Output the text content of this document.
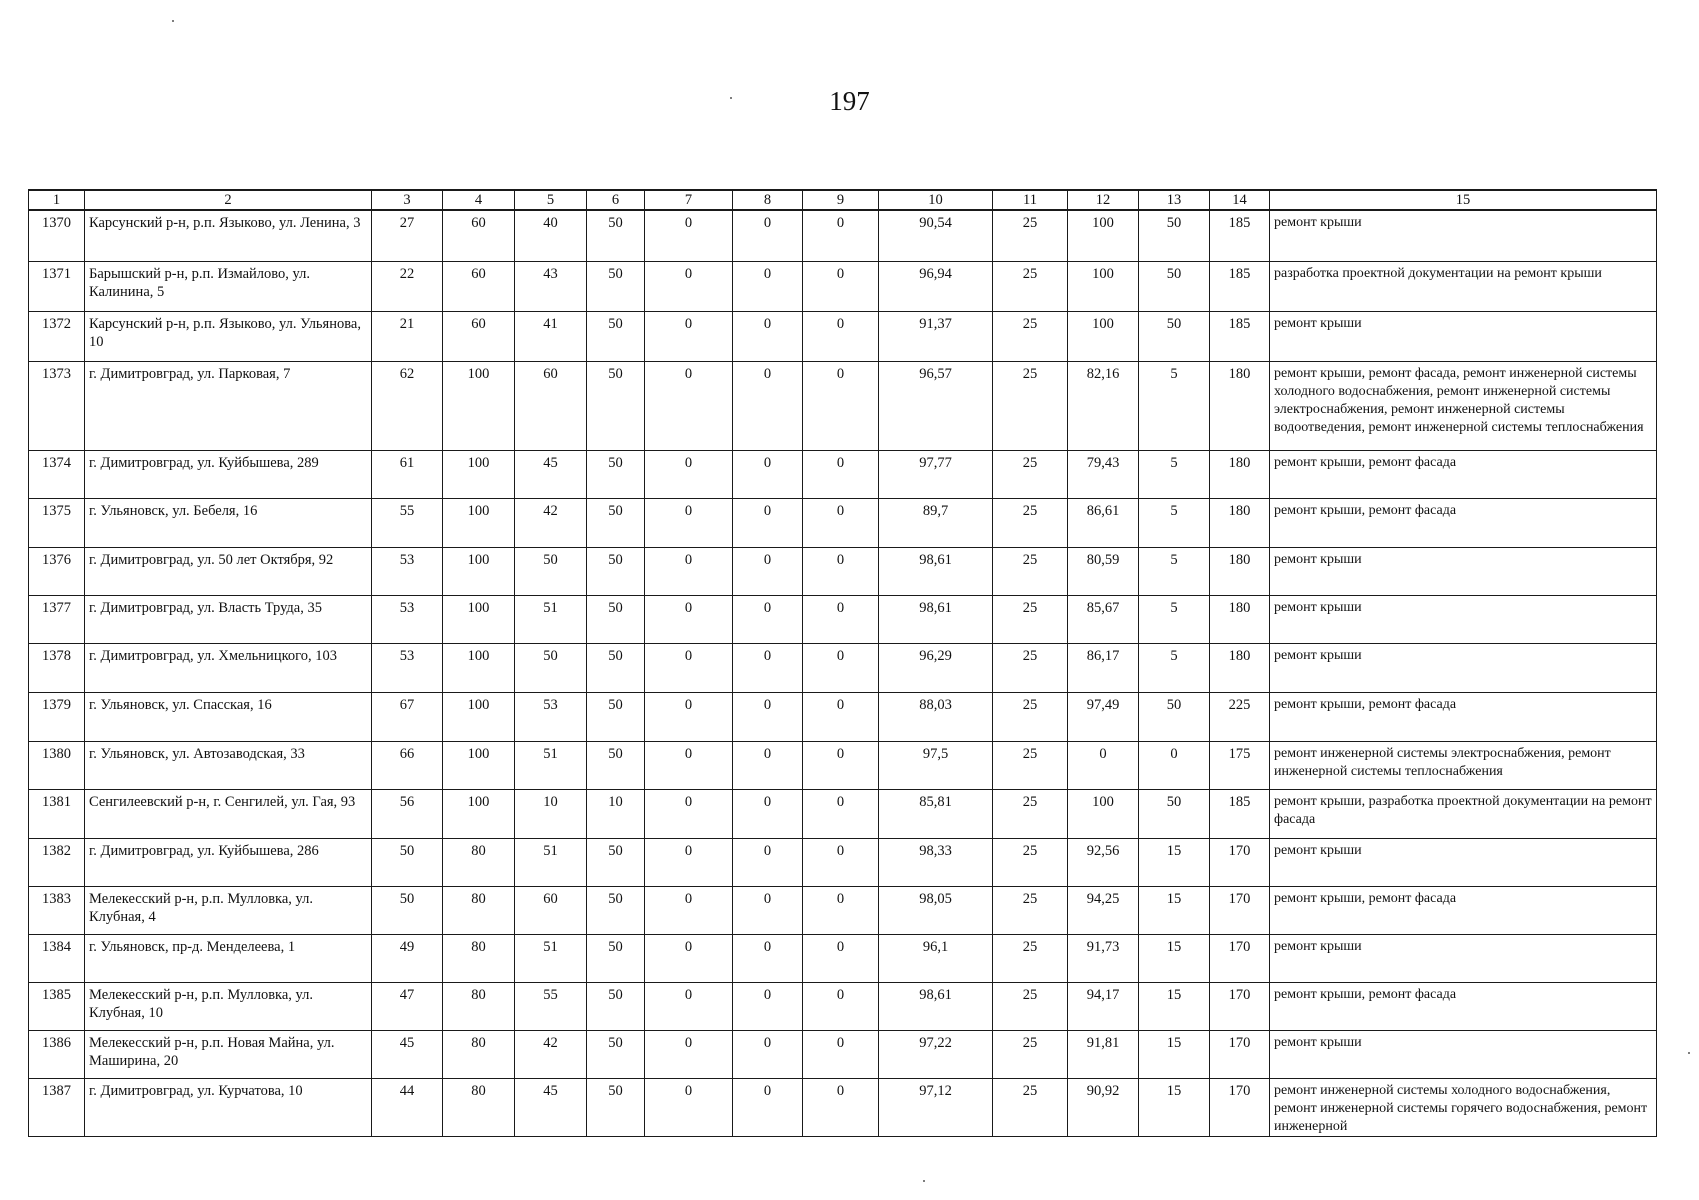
197
1	2	3	4	5	6	7	8	9	10	11	12	13	14	15
1370	Карсунский р-н, р.п. Языково, ул. Ленина, 3	27	60	40	50	0	0	0	90,54	25	100	50	185	ремонт крыши
1371	Барышский р-н, р.п. Измайлово, ул. Калинина, 5	22	60	43	50	0	0	0	96,94	25	100	50	185	разработка проектной документации на ремонт крыши
1372	Карсунский р-н, р.п. Языково, ул. Ульянова, 10	21	60	41	50	0	0	0	91,37	25	100	50	185	ремонт крыши
1373	г. Димитровград, ул. Парковая, 7	62	100	60	50	0	0	0	96,57	25	82,16	5	180	ремонт крыши, ремонт фасада, ремонт инженерной системы холодного водоснабжения, ремонт инженерной системы электроснабжения, ремонт инженерной системы водоотведения, ремонт инженерной системы теплоснабжения
1374	г. Димитровград, ул. Куйбышева, 289	61	100	45	50	0	0	0	97,77	25	79,43	5	180	ремонт крыши, ремонт фасада
1375	г. Ульяновск, ул. Бебеля, 16	55	100	42	50	0	0	0	89,7	25	86,61	5	180	ремонт крыши, ремонт фасада
1376	г. Димитровград, ул. 50 лет Октября, 92	53	100	50	50	0	0	0	98,61	25	80,59	5	180	ремонт крыши
1377	г. Димитровград, ул. Власть Труда, 35	53	100	51	50	0	0	0	98,61	25	85,67	5	180	ремонт крыши
1378	г. Димитровград, ул. Хмельницкого, 103	53	100	50	50	0	0	0	96,29	25	86,17	5	180	ремонт крыши
1379	г. Ульяновск, ул. Спасская, 16	67	100	53	50	0	0	0	88,03	25	97,49	50	225	ремонт крыши, ремонт фасада
1380	г. Ульяновск, ул. Автозаводская, 33	66	100	51	50	0	0	0	97,5	25	0	0	175	ремонт инженерной системы электроснабжения, ремонт инженерной системы теплоснабжения
1381	Сенгилеевский р-н, г. Сенгилей, ул. Гая, 93	56	100	10	10	0	0	0	85,81	25	100	50	185	ремонт крыши, разработка проектной документации на ремонт фасада
1382	г. Димитровград, ул. Куйбышева, 286	50	80	51	50	0	0	0	98,33	25	92,56	15	170	ремонт крыши
1383	Мелекесский р-н, р.п. Мулловка, ул. Клубная, 4	50	80	60	50	0	0	0	98,05	25	94,25	15	170	ремонт крыши, ремонт фасада
1384	г. Ульяновск, пр-д. Менделеева, 1	49	80	51	50	0	0	0	96,1	25	91,73	15	170	ремонт крыши
1385	Мелекесский р-н, р.п. Мулловка, ул. Клубная, 10	47	80	55	50	0	0	0	98,61	25	94,17	15	170	ремонт крыши, ремонт фасада
1386	Мелекесский р-н, р.п. Новая Майна, ул. Маширина, 20	45	80	42	50	0	0	0	97,22	25	91,81	15	170	ремонт крыши
1387	г. Димитровград, ул. Курчатова, 10	44	80	45	50	0	0	0	97,12	25	90,92	15	170	ремонт инженерной системы холодного водоснабжения, ремонт инженерной системы горячего водоснабжения, ремонт инженерной
